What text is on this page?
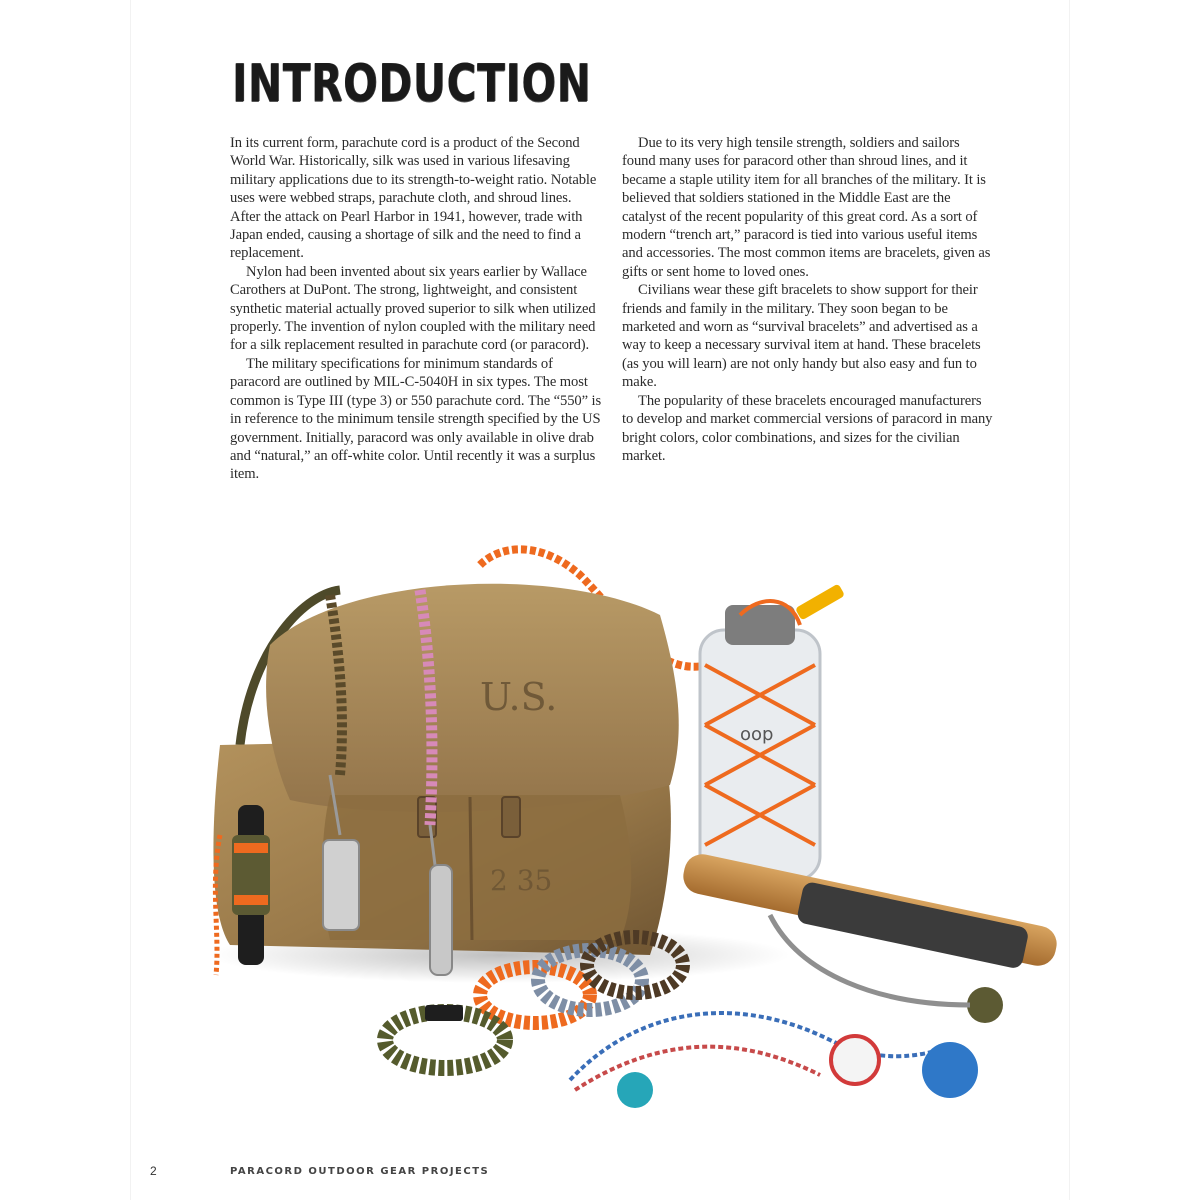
INTRODUCTION

In its current form, parachute cord is a product of the Second World War. Historically, silk was used in various lifesaving military applications due to its strength-to-weight ratio. Notable uses were webbed straps, parachute cloth, and shroud lines. After the attack on Pearl Harbor in 1941, however, trade with Japan ended, causing a shortage of silk and the need to find a replacement.

Nylon had been invented about six years earlier by Wallace Carothers at DuPont. The strong, lightweight, and consistent synthetic material actually proved superior to silk when utilized properly. The invention of nylon coupled with the military need for a silk replacement resulted in parachute cord (or paracord).

The military specifications for minimum standards of paracord are outlined by MIL-C-5040H in six types. The most common is Type III (type 3) or 550 parachute cord. The “550” is in reference to the minimum tensile strength specified by the US government. Initially, paracord was only available in olive drab and “natural,” an off-white color. Until recently it was a surplus item.

Due to its very high tensile strength, soldiers and sailors found many uses for paracord other than shroud lines, and it became a staple utility item for all branches of the military. It is believed that soldiers stationed in the Middle East are the catalyst of the recent popularity of this great cord. As a sort of modern “trench art,” paracord is tied into various useful items and accessories. The most common items are bracelets, given as gifts or sent home to loved ones.

Civilians wear these gift bracelets to show support for their friends and family in the military. They soon began to be marketed and worn as “survival bracelets” and advertised as a way to keep a necessary survival item at hand. These bracelets (as you will learn) are not only handy but also easy and fun to make.

The popularity of these bracelets encouraged manufacturers to develop and market commercial versions of paracord in many bright colors, color combinations, and sizes for the civilian market.

U.S.
2 35
oop
2	PARACORD OUTDOOR GEAR PROJECTS
